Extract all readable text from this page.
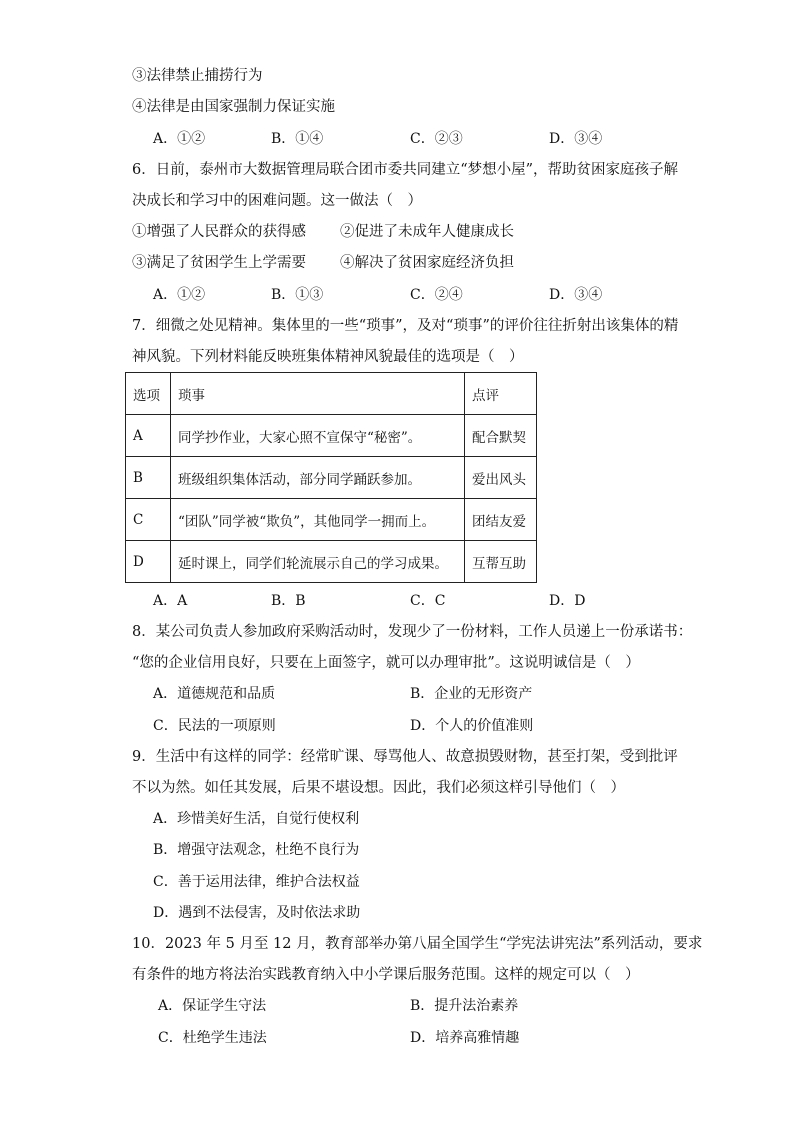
③法律禁止捕捞行为
④法律是由国家强制力保证实施
A．①②	B．①④	C．②③	D．③④
6．日前，泰州市大数据管理局联合团市委共同建立“梦想小屋”，帮助贫困家庭孩子解
决成长和学习中的困难问题。这一做法（　）
①增强了人民群众的获得感 ②促进了未成年人健康成长
③满足了贫困学生上学需要 ④解决了贫困家庭经济负担
A．①②	B．①③	C．②④	D．③④
7．细微之处见精神。集体里的一些“琐事”，及对“琐事”的评价往往折射出该集体的精
神风貌。下列材料能反映班集体精神风貌最佳的选项是（　）
选项	琐事	点评
A	同学抄作业，大家心照不宣保守“秘密”。	配合默契
B	班级组织集体活动，部分同学踊跃参加。	爱出风头
C	“团队”同学被“欺负”，其他同学一拥而上。	团结友爱
D	延时课上，同学们轮流展示自己的学习成果。	互帮互助
A．A	B．B	C．C	D．D
8．某公司负责人参加政府采购活动时，发现少了一份材料，工作人员递上一份承诺书：
“您的企业信用良好，只要在上面签字，就可以办理审批”。这说明诚信是（　）
A．道德规范和品质	B．企业的无形资产
C．民法的一项原则	D．个人的价值准则
9．生活中有这样的同学：经常旷课、辱骂他人、故意损毁财物，甚至打架，受到批评
不以为然。如任其发展，后果不堪设想。因此，我们必须这样引导他们（　）
A．珍惜美好生活，自觉行使权利
B．增强守法观念，杜绝不良行为
C．善于运用法律，维护合法权益
D．遇到不法侵害，及时依法求助
10．2023 年 5 月至 12 月，教育部举办第八届全国学生“学宪法讲宪法”系列活动，要求
有条件的地方将法治实践教育纳入中小学课后服务范围。这样的规定可以（　）
A．保证学生守法	B．提升法治素养
C．杜绝学生违法	D．培养高雅情趣
